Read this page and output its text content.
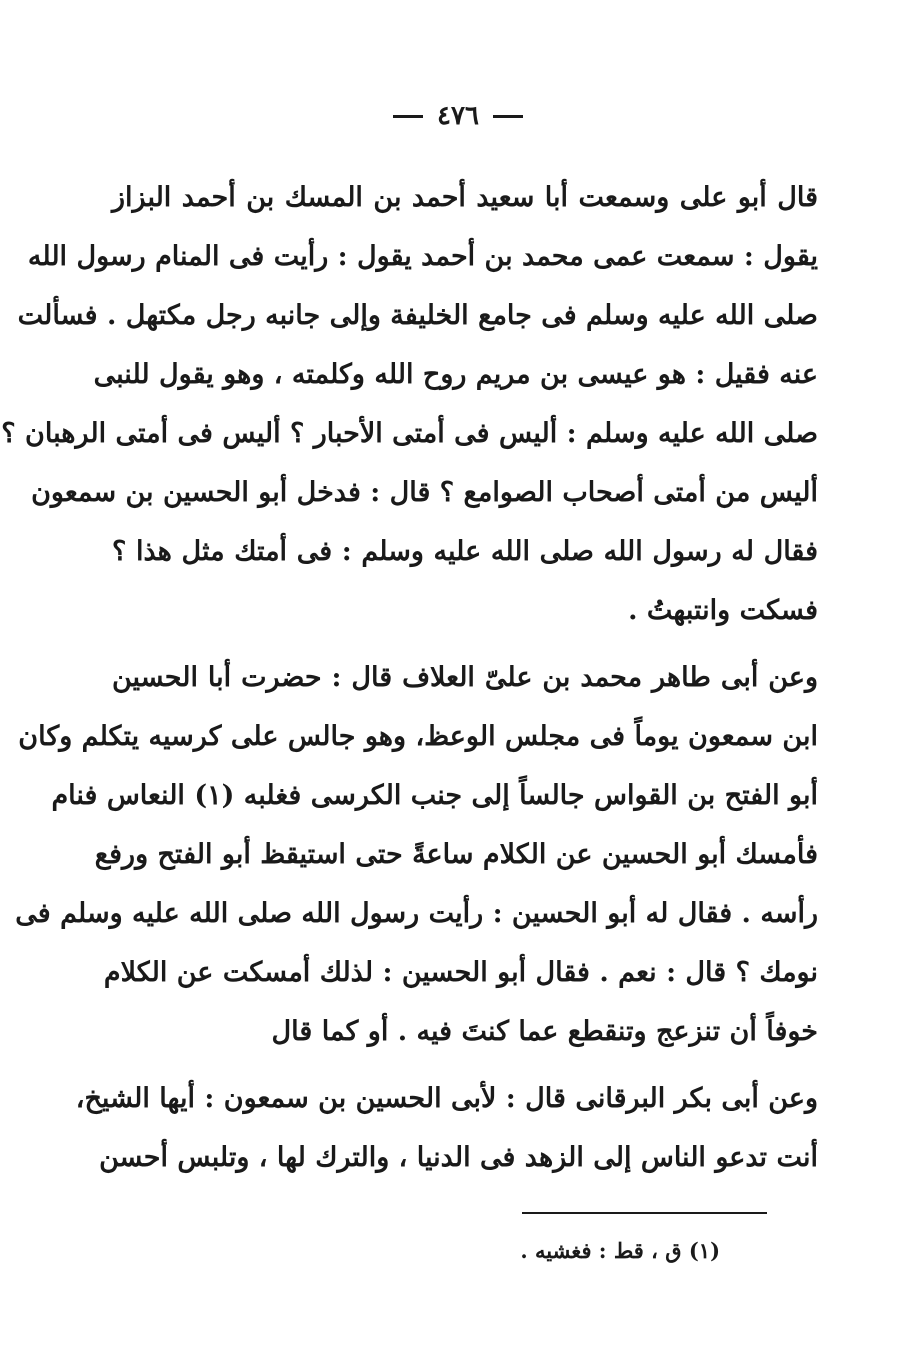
٤٧٦
قال أبو على وسمعت أبا سعيد أحمد بن المسك بن أحمد البزاز
يقول : سمعت عمى محمد بن أحمد يقول : رأيت فى المنام رسول الله
صلى الله عليه وسلم فى جامع الخليفة وإلى جانبه رجل مكتهل . فسألت
عنه فقيل : هو عيسى بن مريم روح الله وكلمته ، وهو يقول للنبى
صلى الله عليه وسلم : أليس فى أمتى الأحبار ؟ أليس فى أمتى الرهبان ؟
أليس من أمتى أصحاب الصوامع ؟ قال : فدخل أبو الحسين بن سمعون
فقال له رسول الله صلى الله عليه وسلم : فى أمتك مثل هذا ؟
فسكت وانتبهتُ .
وعن أبى طاهر محمد بن علىّ العلاف قال : حضرت أبا الحسين
ابن سمعون يوماً فى مجلس الوعظ، وهو جالس على كرسيه يتكلم وكان
أبو الفتح بن القواس جالساً إلى جنب الكرسى فغلبه (١) النعاس فنام
فأمسك أبو الحسين عن الكلام ساعةً حتى استيقظ أبو الفتح ورفع
رأسه . فقال له أبو الحسين : رأيت رسول الله صلى الله عليه وسلم فى
نومك ؟ قال : نعم . فقال أبو الحسين : لذلك أمسكت عن الكلام
خوفاً أن تنزعج وتنقطع عما كنتَ فيه . أو كما قال
وعن أبى بكر البرقانى قال : لأبى الحسين بن سمعون : أيها الشيخ،
أنت تدعو الناس إلى الزهد فى الدنيا ، والترك لها ، وتلبس أحسن
(١) ق ، قط : فغشيه .
